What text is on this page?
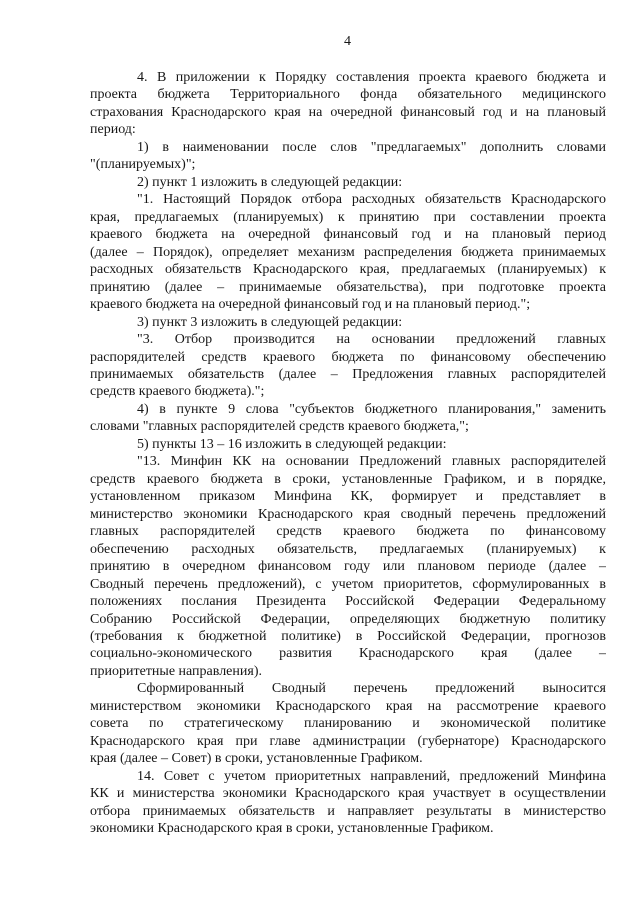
4
4. В приложении к Порядку составления проекта краевого бюджета и
проекта бюджета Территориального фонда обязательного медицинского
страхования Краснодарского края на очередной финансовый год и на плановый
период:
1) в наименовании после слов "предлагаемых" дополнить словами
"(планируемых)";
2) пункт 1 изложить в следующей редакции:
"1. Настоящий Порядок отбора расходных обязательств Краснодарского
края, предлагаемых (планируемых) к принятию при составлении проекта
краевого бюджета на очередной финансовый год и на плановый период
(далее – Порядок), определяет механизм распределения бюджета принимаемых
расходных обязательств Краснодарского края, предлагаемых (планируемых) к
принятию (далее – принимаемые обязательства), при подготовке проекта
краевого бюджета на очередной финансовый год и на плановый период.";
3) пункт 3 изложить в следующей редакции:
"3. Отбор производится на основании предложений главных
распорядителей средств краевого бюджета по финансовому обеспечению
принимаемых обязательств (далее – Предложения главных распорядителей
средств краевого бюджета).";
4) в пункте 9 слова "субъектов бюджетного планирования," заменить
словами "главных распорядителей средств краевого бюджета,";
5) пункты 13 – 16 изложить в следующей редакции:
"13. Минфин КК на основании Предложений главных распорядителей
средств краевого бюджета в сроки, установленные Графиком, и в порядке,
установленном приказом Минфина КК, формирует и представляет в
министерство экономики Краснодарского края сводный перечень предложений
главных распорядителей средств краевого бюджета по финансовому
обеспечению расходных обязательств, предлагаемых (планируемых) к
принятию в очередном финансовом году или плановом периоде (далее –
Сводный перечень предложений), с учетом приоритетов, сформулированных в
положениях послания Президента Российской Федерации Федеральному
Собранию Российской Федерации, определяющих бюджетную политику
(требования к бюджетной политике) в Российской Федерации, прогнозов
социально-экономического развития Краснодарского края (далее –
приоритетные направления).
Сформированный Сводный перечень предложений выносится
министерством экономики Краснодарского края на рассмотрение краевого
совета по стратегическому планированию и экономической политике
Краснодарского края при главе администрации (губернаторе) Краснодарского
края (далее – Совет) в сроки, установленные Графиком.
14. Совет с учетом приоритетных направлений, предложений Минфина
КК и министерства экономики Краснодарского края участвует в осуществлении
отбора принимаемых обязательств и направляет результаты в министерство
экономики Краснодарского края в сроки, установленные Графиком.
